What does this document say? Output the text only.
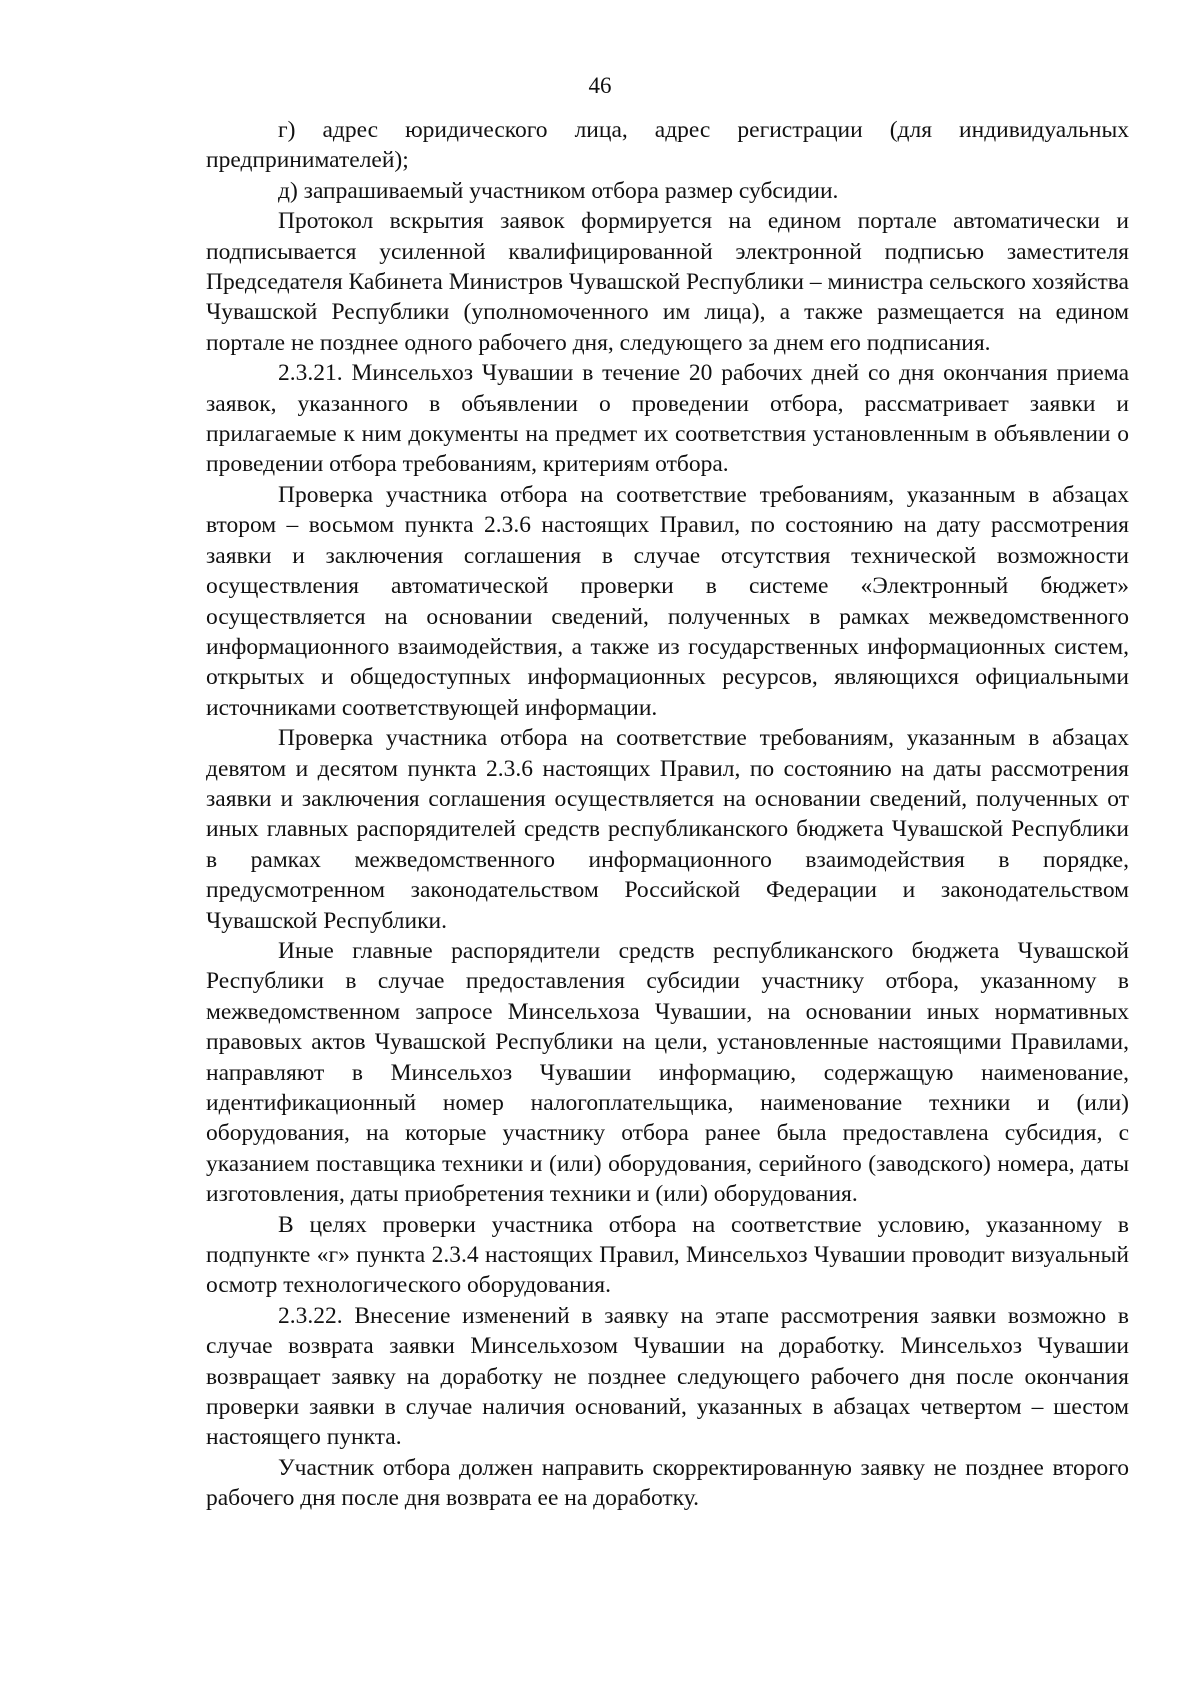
46

г) адрес юридического лица, адрес регистрации (для индивидуальных предпринимателей);

д) запрашиваемый участником отбора размер субсидии.

Протокол вскрытия заявок формируется на едином портале автоматически и подписывается усиленной квалифицированной электронной подписью заместителя Председателя Кабинета Министров Чувашской Республики – министра сельского хозяйства Чувашской Республики (уполномоченного им лица), а также размещается на едином портале не позднее одного рабочего дня, следующего за днем его подписания.

2.3.21. Минсельхоз Чувашии в течение 20 рабочих дней со дня окончания приема заявок, указанного в объявлении о проведении отбора, рассматривает заявки и прилагаемые к ним документы на предмет их соответствия установленным в объявлении о проведении отбора требованиям, критериям отбора.

Проверка участника отбора на соответствие требованиям, указанным в абзацах втором – восьмом пункта 2.3.6 настоящих Правил, по состоянию на дату рассмотрения заявки и заключения соглашения в случае отсутствия технической возможности осуществления автоматической проверки в системе «Электронный бюджет» осуществляется на основании сведений, полученных в рамках межведомственного информационного взаимодействия, а также из государственных информационных систем, открытых и общедоступных информационных ресурсов, являющихся официальными источниками соответствующей информации.

Проверка участника отбора на соответствие требованиям, указанным в абзацах девятом и десятом пункта 2.3.6 настоящих Правил, по состоянию на даты рассмотрения заявки и заключения соглашения осуществляется на основании сведений, полученных от иных главных распорядителей средств республиканского бюджета Чувашской Республики в рамках межведомственного информационного взаимодействия в порядке, предусмотренном законодательством Российской Федерации и законодательством Чувашской Республики.

Иные главные распорядители средств республиканского бюджета Чувашской Республики в случае предоставления субсидии участнику отбора, указанному в межведомственном запросе Минсельхоза Чувашии, на основании иных нормативных правовых актов Чувашской Республики на цели, установленные настоящими Правилами, направляют в Минсельхоз Чувашии информацию, содержащую наименование, идентификационный номер налогоплательщика, наименование техники и (или) оборудования, на которые участнику отбора ранее была предоставлена субсидия, с указанием поставщика техники и (или) оборудования, серийного (заводского) номера, даты изготовления, даты приобретения техники и (или) оборудования.

В целях проверки участника отбора на соответствие условию, указанному в подпункте «г» пункта 2.3.4 настоящих Правил, Минсельхоз Чувашии проводит визуальный осмотр технологического оборудования.

2.3.22. Внесение изменений в заявку на этапе рассмотрения заявки возможно в случае возврата заявки Минсельхозом Чувашии на доработку. Минсельхоз Чувашии возвращает заявку на доработку не позднее следующего рабочего дня после окончания проверки заявки в случае наличия оснований, указанных в абзацах четвертом – шестом настоящего пункта.

Участник отбора должен направить скорректированную заявку не позднее второго рабочего дня после дня возврата ее на доработку.
